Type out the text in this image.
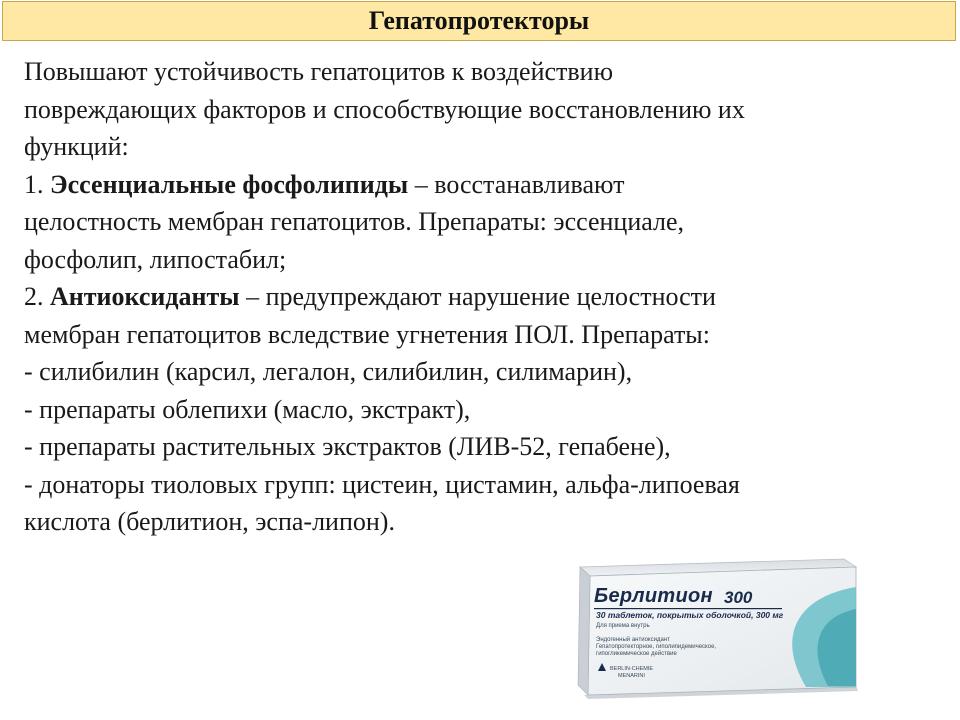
Гепатопротекторы
Повышают устойчивость гепатоцитов к воздействию
повреждающих факторов и способствующие восстановлению их
функций:
1. Эссенциальные фосфолипиды – восстанавливают
целостность мембран гепатоцитов. Препараты: эссенциале,
фосфолип, липостабил;
2. Антиоксиданты – предупреждают нарушение целостности
мембран гепатоцитов вследствие угнетения ПОЛ. Препараты:
- силибилин (карсил, легалон, силибилин, силимарин),
- препараты облепихи (масло, экстракт),
- препараты растительных экстрактов (ЛИВ-52, гепабене),
- донаторы тиоловых групп: цистеин, цистамин, альфа-липоевая
кислота (берлитион, эспа-липон).
Берлитион 300
30 таблеток, покрытых оболочкой, 300 мг
Для приема внутрь
Эндогенный антиоксидант
Гепатопротекторное, гиполипидемическое,
гипогликемическое действие
BERLIN-CHEMIE
MENARINI
